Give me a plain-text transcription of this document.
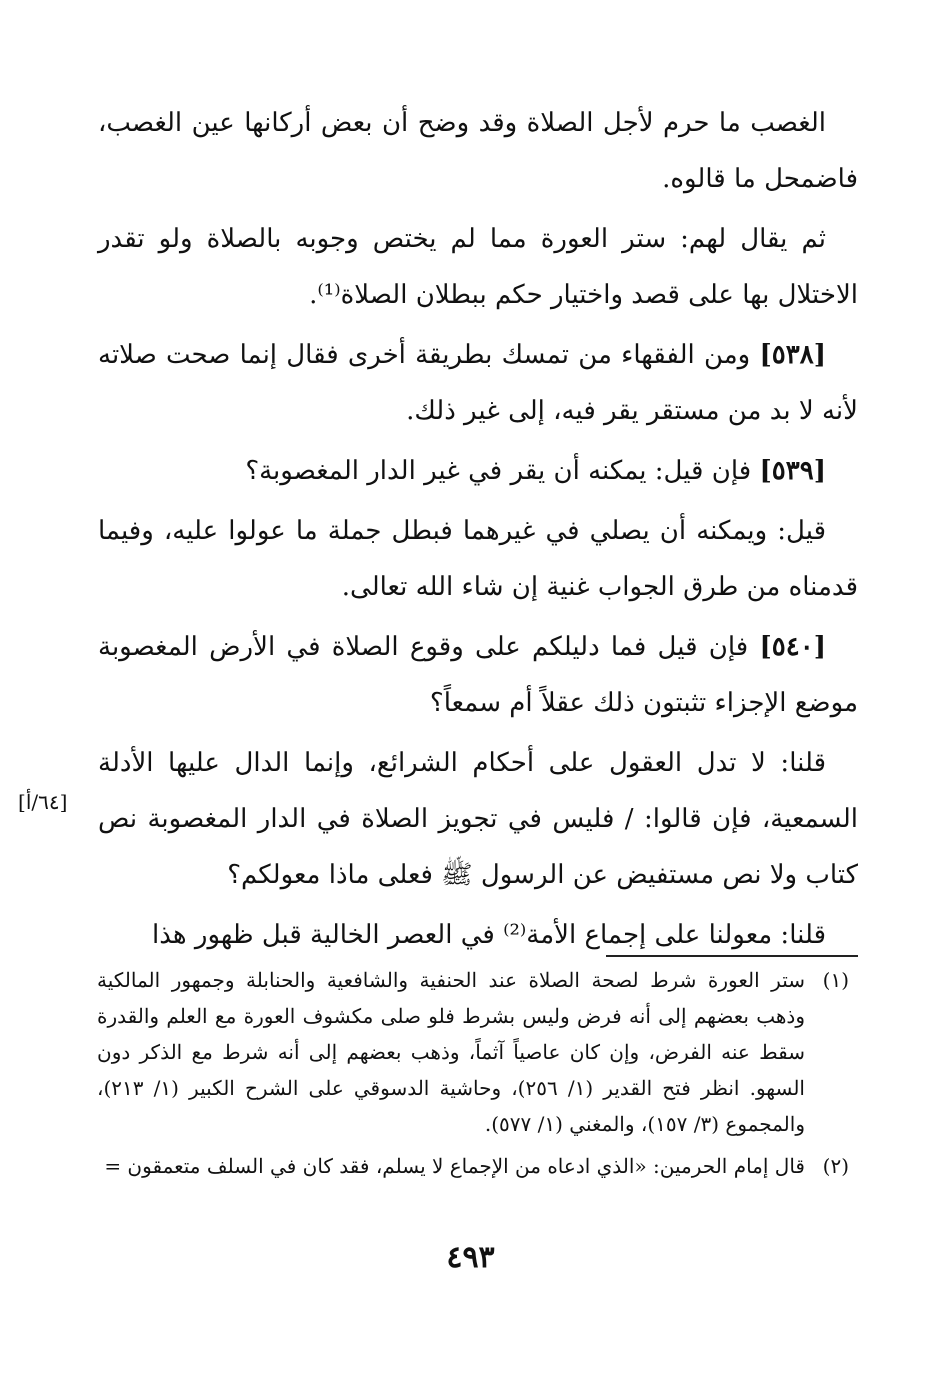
الغصب ما حرم لأجل الصلاة وقد وضح أن بعض أركانها عين الغصب، فاضمحل ما قالوه.

ثم يقال لهم: ستر العورة مما لم يختص وجوبه بالصلاة ولو تقدر الاختلال بها على قصد واختيار حكم ببطلان الصلاة⁽¹⁾.

[٥٣٨] ومن الفقهاء من تمسك بطريقة أخرى فقال إنما صحت صلاته لأنه لا بد من مستقر يقر فيه، إلى غير ذلك.

[٥٣٩] فإن قيل: يمكنه أن يقر في غير الدار المغصوبة؟

قيل: ويمكنه أن يصلي في غيرهما فبطل جملة ما عولوا عليه، وفيما قدمناه من طرق الجواب غنية إن شاء الله تعالى.

[٥٤٠] فإن قيل فما دليلكم على وقوع الصلاة في الأرض المغصوبة موضع الإجزاء تثبتون ذلك عقلاً أم سمعاً؟

قلنا: لا تدل العقول على أحكام الشرائع، وإنما الدال عليها الأدلة السمعية، فإن قالوا: / فليس في تجويز الصلاة في الدار المغصوبة نص كتاب ولا نص مستفيض عن الرسول ﷺ فعلى ماذا معولكم؟

قلنا: معولنا على إجماع الأمة⁽²⁾ في العصر الخالية قبل ظهور هذا

[٦٤/أ]

(١)
ستر العورة شرط لصحة الصلاة عند الحنفية والشافعية والحنابلة وجمهور المالكية وذهب بعضهم إلى أنه فرض وليس بشرط فلو صلى مكشوف العورة مع العلم والقدرة سقط عنه الفرض، وإن كان عاصياً آثماً، وذهب بعضهم إلى أنه شرط مع الذكر دون السهو. انظر فتح القدير (١/ ٢٥٦)، وحاشية الدسوقي على الشرح الكبير (١/ ٢١٣)، والمجموع (٣/ ١٥٧)، والمغني (١/ ٥٧٧).

(٢)
قال إمام الحرمين: «الذي ادعاه من الإجماع لا يسلم، فقد كان في السلف متعمقون =

٤٩٣
